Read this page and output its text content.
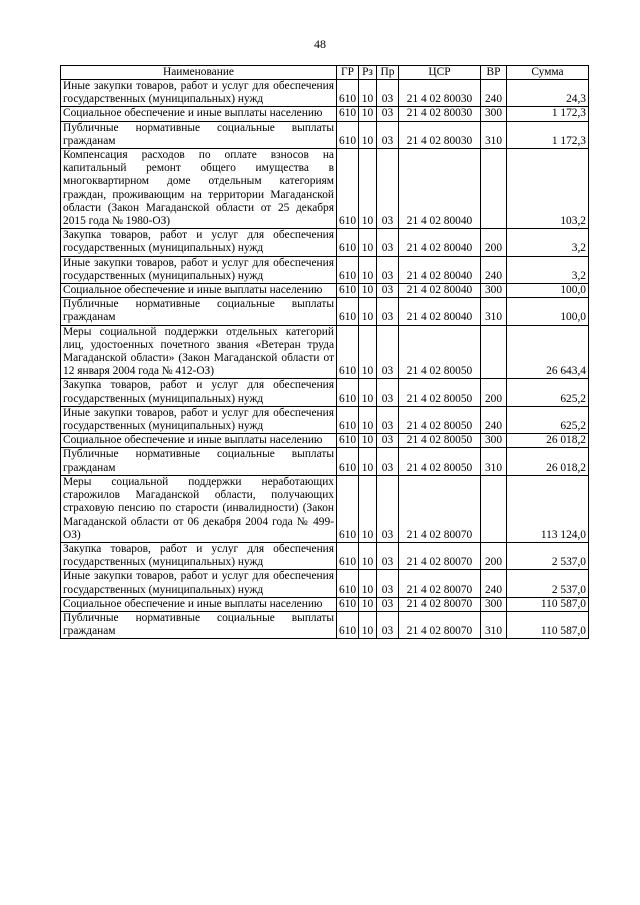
48
Наименование	ГР	Рз	Пр	ЦСР	ВР	Сумма
Иные закупки товаров, работ и услуг для обеспечения государственных (муниципальных) нужд	610	10	03	21 4 02 80030	240	24,3
Социальное обеспечение и иные выплаты населению	610	10	03	21 4 02 80030	300	1 172,3
Публичные нормативные социальные выплаты гражданам	610	10	03	21 4 02 80030	310	1 172,3
Компенсация расходов по оплате взносов на капитальный ремонт общего имущества в многоквартирном доме отдельным категориям граждан, проживающим на территории Магаданской области (Закон Магаданской области от 25 декабря 2015 года № 1980-ОЗ)	610	10	03	21 4 02 80040		103,2
Закупка товаров, работ и услуг для обеспечения государственных (муниципальных) нужд	610	10	03	21 4 02 80040	200	3,2
Иные закупки товаров, работ и услуг для обеспечения государственных (муниципальных) нужд	610	10	03	21 4 02 80040	240	3,2
Социальное обеспечение и иные выплаты населению	610	10	03	21 4 02 80040	300	100,0
Публичные нормативные социальные выплаты гражданам	610	10	03	21 4 02 80040	310	100,0
Меры социальной поддержки отдельных категорий лиц, удостоенных почетного звания «Ветеран труда Магаданской области» (Закон Магаданской области от 12 января 2004 года № 412-ОЗ)	610	10	03	21 4 02 80050		26 643,4
Закупка товаров, работ и услуг для обеспечения государственных (муниципальных) нужд	610	10	03	21 4 02 80050	200	625,2
Иные закупки товаров, работ и услуг для обеспечения государственных (муниципальных) нужд	610	10	03	21 4 02 80050	240	625,2
Социальное обеспечение и иные выплаты населению	610	10	03	21 4 02 80050	300	26 018,2
Публичные нормативные социальные выплаты гражданам	610	10	03	21 4 02 80050	310	26 018,2
Меры социальной поддержки неработающих старожилов Магаданской области, получающих страховую пенсию по старости (инвалидности) (Закон Магаданской области от 06 декабря 2004 года № 499-ОЗ)	610	10	03	21 4 02 80070		113 124,0
Закупка товаров, работ и услуг для обеспечения государственных (муниципальных) нужд	610	10	03	21 4 02 80070	200	2 537,0
Иные закупки товаров, работ и услуг для обеспечения государственных (муниципальных) нужд	610	10	03	21 4 02 80070	240	2 537,0
Социальное обеспечение и иные выплаты населению	610	10	03	21 4 02 80070	300	110 587,0
Публичные нормативные социальные выплаты гражданам	610	10	03	21 4 02 80070	310	110 587,0
